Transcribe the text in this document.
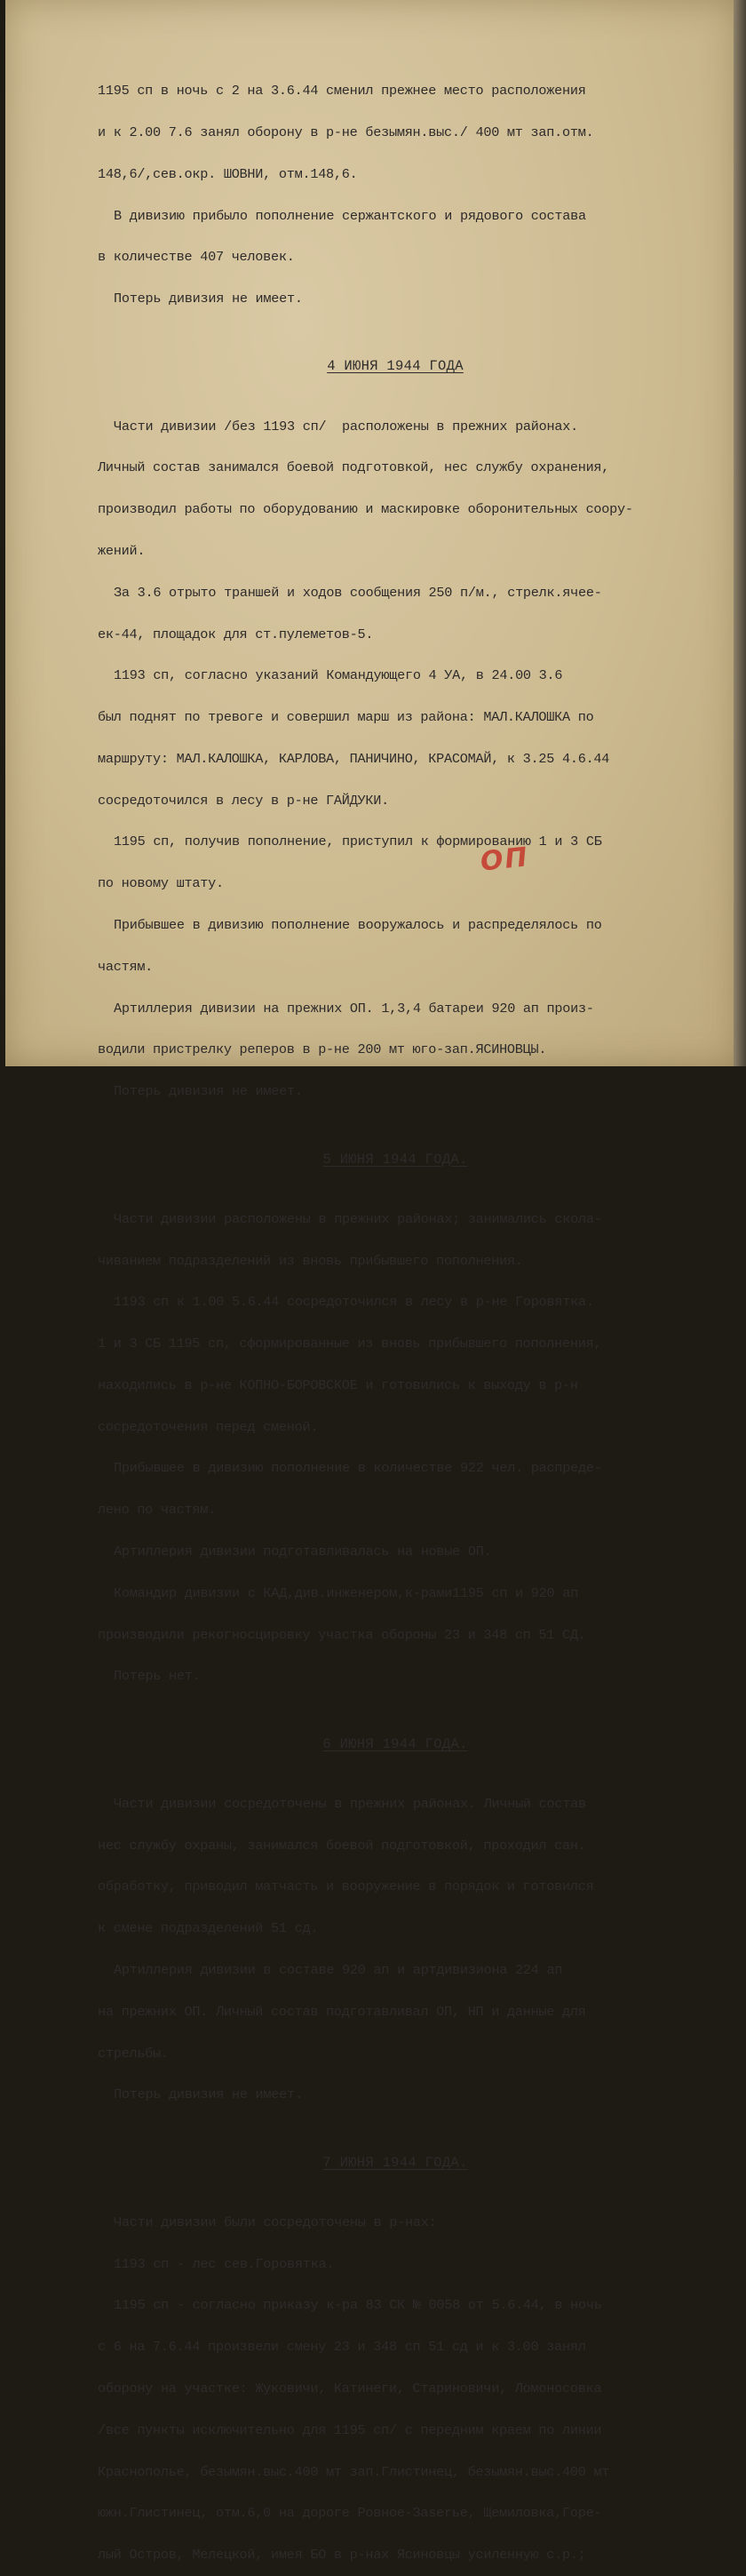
1195 сп в ночь с 2 на 3.6.44 сменил прежнее место расположения

и к 2.00 7.6 занял оборону в р-не безымян.выс./ 400 мт зап.отм.

148,6/,сев.окр. ШОВНИ, отм.148,6.

В дивизию прибыло пополнение сержантского и рядового состава

в количестве 407 человек.

Потерь дивизия не имеет.

4 ИЮНЯ 1944 ГОДА

Части дивизии /без 1193 сп/  расположены в прежних районах.

Личный состав занимался боевой подготовкой, нес службу охранения,

производил работы по оборудованию и маскировке оборонительных соору-

жений.

За 3.6 отрыто траншей и ходов сообщения 250 п/м., стрелк.ячее-

ек-44, площадок для ст.пулеметов-5.

1193 сп, согласно указаний Командующего 4 УА, в 24.00 3.6

был поднят по тревоге и совершил марш из района: МАЛ.КАЛОШКА по

маршруту: МАЛ.КАЛОШКА, КАРЛОВА, ПАНИЧИНО, КРАСОМАЙ, к 3.25 4.6.44

сосредоточился в лесу в р-не ГАЙДУКИ.

1195 сп, получив пополнение, приступил к формированию 1 и 3 СБ

по новому штату.

Прибывшее в дивизию пополнение вооружалось и распределялось по

частям.

Артиллерия дивизии на прежних ОП. 1,3,4 батареи 920 ап произ-

водили пристрелку реперов в р-не 200 мт юго-зап.ЯСИНОВЦЫ.

Потерь дивизия не имеет.

5 ИЮНЯ 1944 ГОДА.

Части дивизии расположены в прежних районах; занимались скола-

чиванием подразделений из вновь прибывшего пополнения.

1193 сп к 1.00 5.6.44 сосредоточился в лесу в р-не Горовятка.

1 и 3 СБ 1195 сп, сформированные из вновь прибывшего пополнения,

находились в р-не КОПНО-БОРОВСКОЕ и готовились к выходу в р-н

сосредоточения перед сменой.

Прибывшее в дивизию пополнение в количестве 922 чел. распреде-

лено по частям.

Артиллерия дивизии подготавливалась на новые ОП.

Командир дивизии с КАД,див.инженером,к-рами1195 сп и 920 ап

производили рекогносцировку участка обороны 23 и 348 сп 51 СД.

Потерь нет.

6 ИЮНЯ 1944 ГОДА.

Части дивизии сосредоточены в прежних районах. Личный состав

нес службу охраны, занимался боевой подготовкой, проходил сан.

обработку, приводил матчасть и вооружение в порядок и готовился

к смене подразделений 51 сд.

Артиллерия дивизии в составе 920 ап и артдивизиона 224 ап

на прежних ОП. Личный состав подготавливал ОП, НП и данные для

стрельбы.

Потерь дивизия не имеет.

7 ИЮНЯ 1944 ГОДА.

Части дивизии были сосредоточены в р-нах:

1193 сп - лес сев.Горовятка.

1195 сп - согласно приказу к-ра 83 СК № 0058 от 5.6.44, в ночь

с 6 на 7.6.44 произвели смену 23 и 348 сп 51 сд и к 3.00 занял

оборону на участке: Жуковичи, Катинеги, Стариновичи, Ломоносовка

/все пункты исключительно для 1195 сп/ с передним краем по линии

Краснополье, безымян.выс.400 мт зап.Глистинец, безымян.выс.400 мт

южн.Глистинец, отм.6,0 на дороге Ровное-Заserье, Щемиловка,Горе-

лый Остров, Мелецкой, имея БО в р-нах Ясиновцы усиленную с.р.;

ОП
